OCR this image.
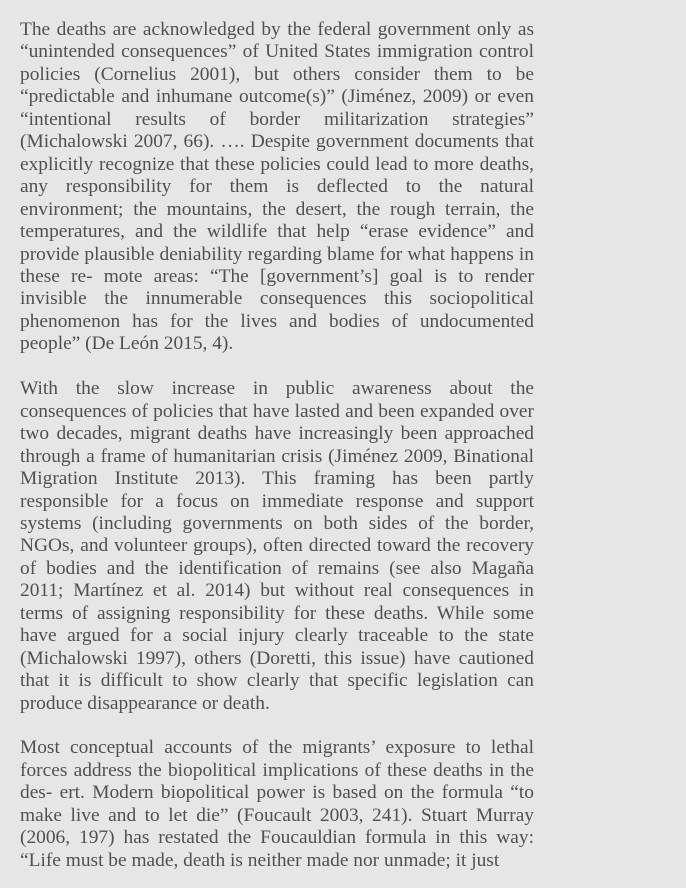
The deaths are acknowledged by the federal government only as “unintended consequences” of United States immigration control policies (Cornelius 2001), but others consider them to be “predictable and inhumane outcome(s)” (Jiménez, 2009) or even “intentional results of border militarization strategies” (Michalowski 2007, 66). …. Despite government documents that explicitly recognize that these policies could lead to more deaths, any responsibility for them is deflected to the natural environment; the mountains, the desert, the rough terrain, the temperatures, and the wildlife that help “erase evidence” and provide plausible deniability regarding blame for what happens in these re- mote areas: “The [government’s] goal is to render invisible the innumerable consequences this sociopolitical phenomenon has for the lives and bodies of undocumented people” (De León 2015, 4).

With the slow increase in public awareness about the consequences of policies that have lasted and been expanded over two decades, migrant deaths have increasingly been approached through a frame of humanitarian crisis (Jiménez 2009, Binational Migration Institute 2013). This framing has been partly responsible for a focus on immediate response and support systems (including governments on both sides of the border, NGOs, and volunteer groups), often directed toward the recovery of bodies and the identification of remains (see also Magaña 2011; Martínez et al. 2014) but without real consequences in terms of assigning responsibility for these deaths. While some have argued for a social injury clearly traceable to the state (Michalowski 1997), others (Doretti, this issue) have cautioned that it is difficult to show clearly that specific legislation can produce disappearance or death.

Most conceptual accounts of the migrants’ exposure to lethal forces address the biopolitical implications of these deaths in the des- ert. Modern biopolitical power is based on the formula “to make live and to let die” (Foucault 2003, 241). Stuart Murray (2006, 197) has restated the Foucauldian formula in this way: “Life must be made, death is neither made nor unmade; it just
